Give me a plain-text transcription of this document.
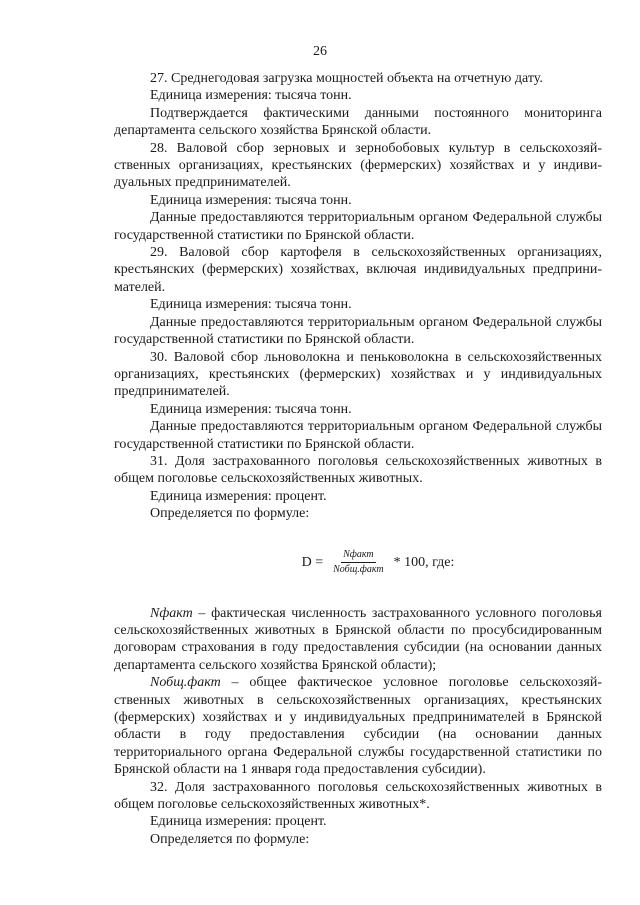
26

27. Среднегодовая загрузка мощностей объекта на отчетную дату.

Единица измерения: тысяча тонн.

Подтверждается фактическими данными постоянного мониторинга департамента сельского хозяйства Брянской области.

28. Валовой сбор зерновых и зернобобовых культур в сельскохозяй-ственных организациях, крестьянских (фермерских) хозяйствах и у индиви-дуальных предпринимателей.

Единица измерения: тысяча тонн.

Данные предоставляются территориальным органом Федеральной службы государственной статистики по Брянской области.

29. Валовой сбор картофеля в сельскохозяйственных организациях, крестьянских (фермерских) хозяйствах, включая индивидуальных предприни-мателей.

Единица измерения: тысяча тонн.

Данные предоставляются территориальным органом Федеральной службы государственной статистики по Брянской области.

30. Валовой сбор льноволокна и пеньковолокна в сельскохозяйственных организациях, крестьянских (фермерских) хозяйствах и у индивидуальных предпринимателей.

Единица измерения: тысяча тонн.

Данные предоставляются территориальным органом Федеральной службы государственной статистики по Брянской области.

31. Доля застрахованного поголовья сельскохозяйственных животных в общем поголовье сельскохозяйственных животных.

Единица измерения: процент.

Определяется по формуле:

$D = \frac{\text{Nфакт}}{\text{Nобщ.факт}} * 100$, где:

Nфакт – фактическая численность застрахованного условного поголовья сельскохозяйственных животных в Брянской области по просубсидированным договорам страхования в году предоставления субсидии (на основании данных департамента сельского хозяйства Брянской области);

Nобщ.факт – общее фактическое условное поголовье сельскохозяй-ственных животных в сельскохозяйственных организациях, крестьянских (фермерских) хозяйствах и у индивидуальных предпринимателей в Брянской области в году предоставления субсидии (на основании данных территориального органа Федеральной службы государственной статистики по Брянской области на 1 января года предоставления субсидии).

32. Доля застрахованного поголовья сельскохозяйственных животных в общем поголовье сельскохозяйственных животных*.

Единица измерения: процент.

Определяется по формуле:
